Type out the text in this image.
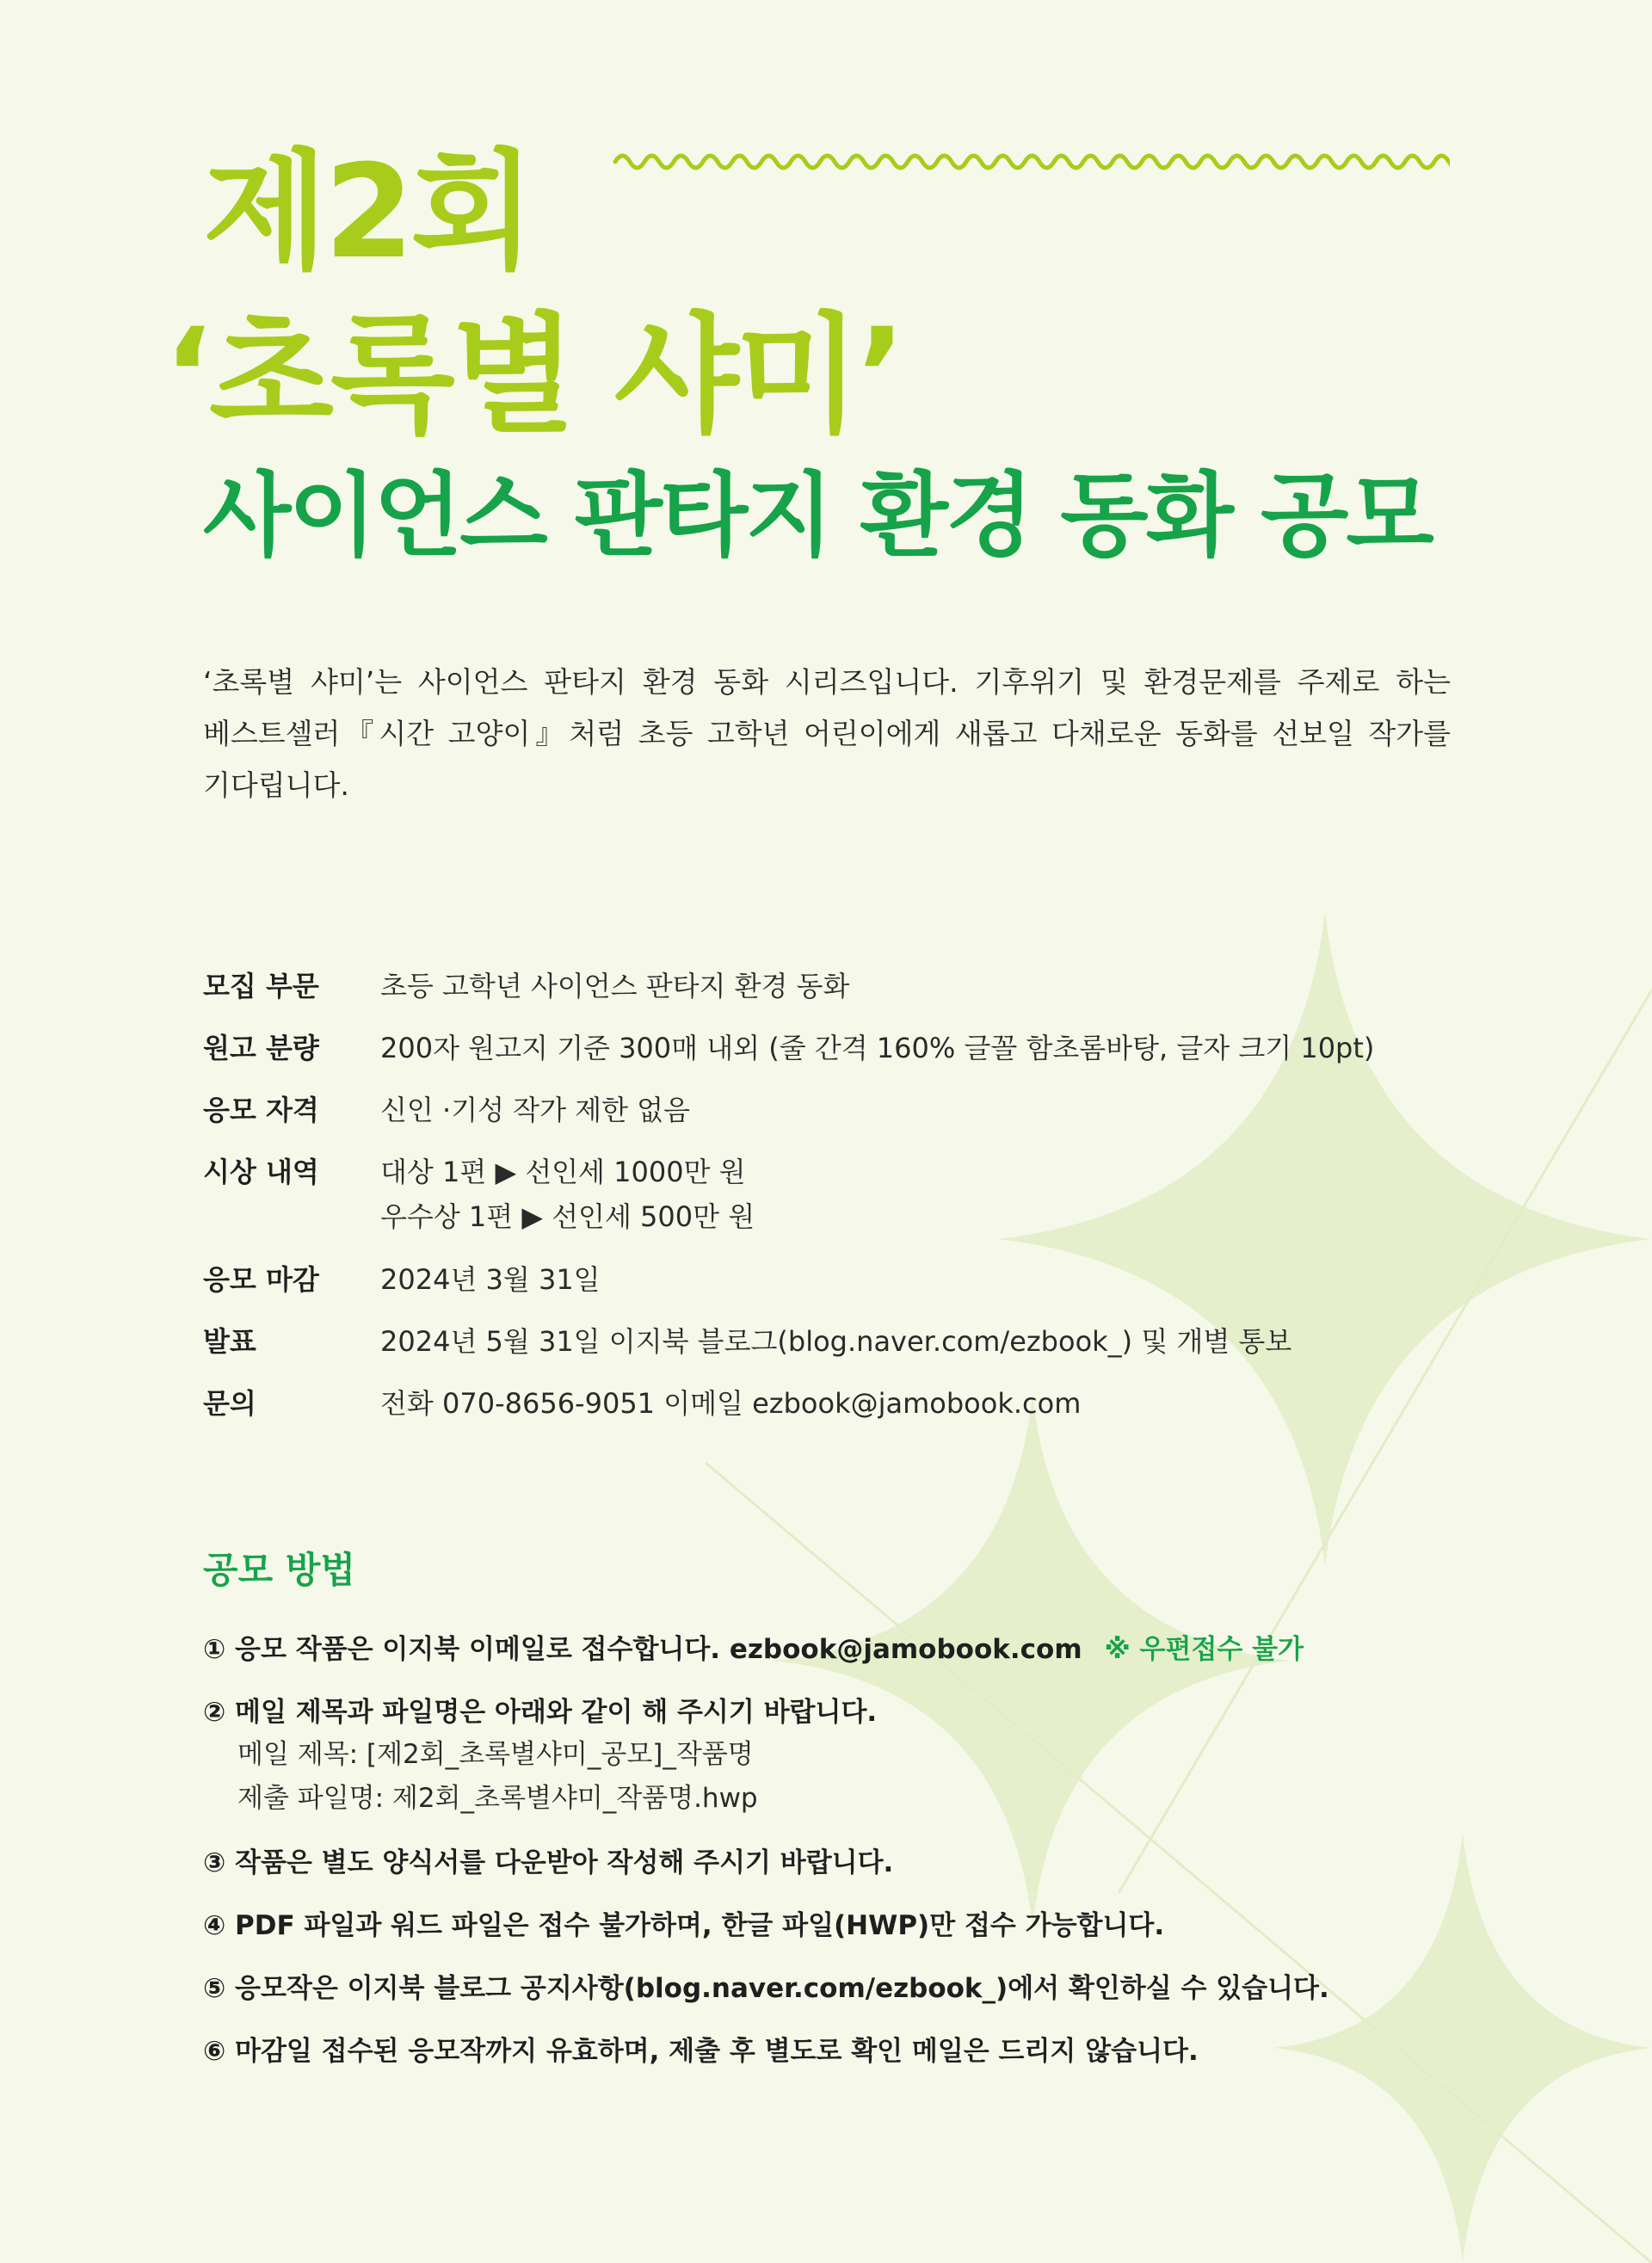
제2회
‘초록별 샤미’
사이언스 판타지 환경 동화 공모

‘초록별 샤미’는 사이언스 판타지 환경 동화 시리즈입니다. 기후위기 및 환경문제를 주제로 하는 베스트셀러『시간 고양이』처럼 초등 고학년 어린이에게 새롭고 다채로운 동화를 선보일 작가를 기다립니다.

모집 부문	초등 고학년 사이언스 판타지 환경 동화
원고 분량	200자 원고지 기준 300매 내외 (줄 간격 160% 글꼴 함초롬바탕, 글자 크기 10pt)
응모 자격	신인 ·기성 작가 제한 없음
시상 내역	대상 1편 ▶ 선인세 1000만 원
우수상 1편 ▶ 선인세 500만 원
응모 마감	2024년 3월 31일
발표	2024년 5월 31일 이지북 블로그(blog.naver.com/ezbook_) 및 개별 통보
문의	전화 070-8656-9051 이메일 ezbook@jamobook.com
공모 방법
① 응모 작품은 이지북 이메일로 접수합니다. ezbook@jamobook.com ※ 우편접수 불가
② 메일 제목과 파일명은 아래와 같이 해 주시기 바랍니다.
메일 제목: [제2회_초록별샤미_공모]_작품명
제출 파일명: 제2회_초록별샤미_작품명.hwp
③ 작품은 별도 양식서를 다운받아 작성해 주시기 바랍니다.
④ PDF 파일과 워드 파일은 접수 불가하며, 한글 파일(HWP)만 접수 가능합니다.
⑤ 응모작은 이지북 블로그 공지사항(blog.naver.com/ezbook_)에서 확인하실 수 있습니다.
⑥ 마감일 접수된 응모작까지 유효하며, 제출 후 별도로 확인 메일은 드리지 않습니다.
